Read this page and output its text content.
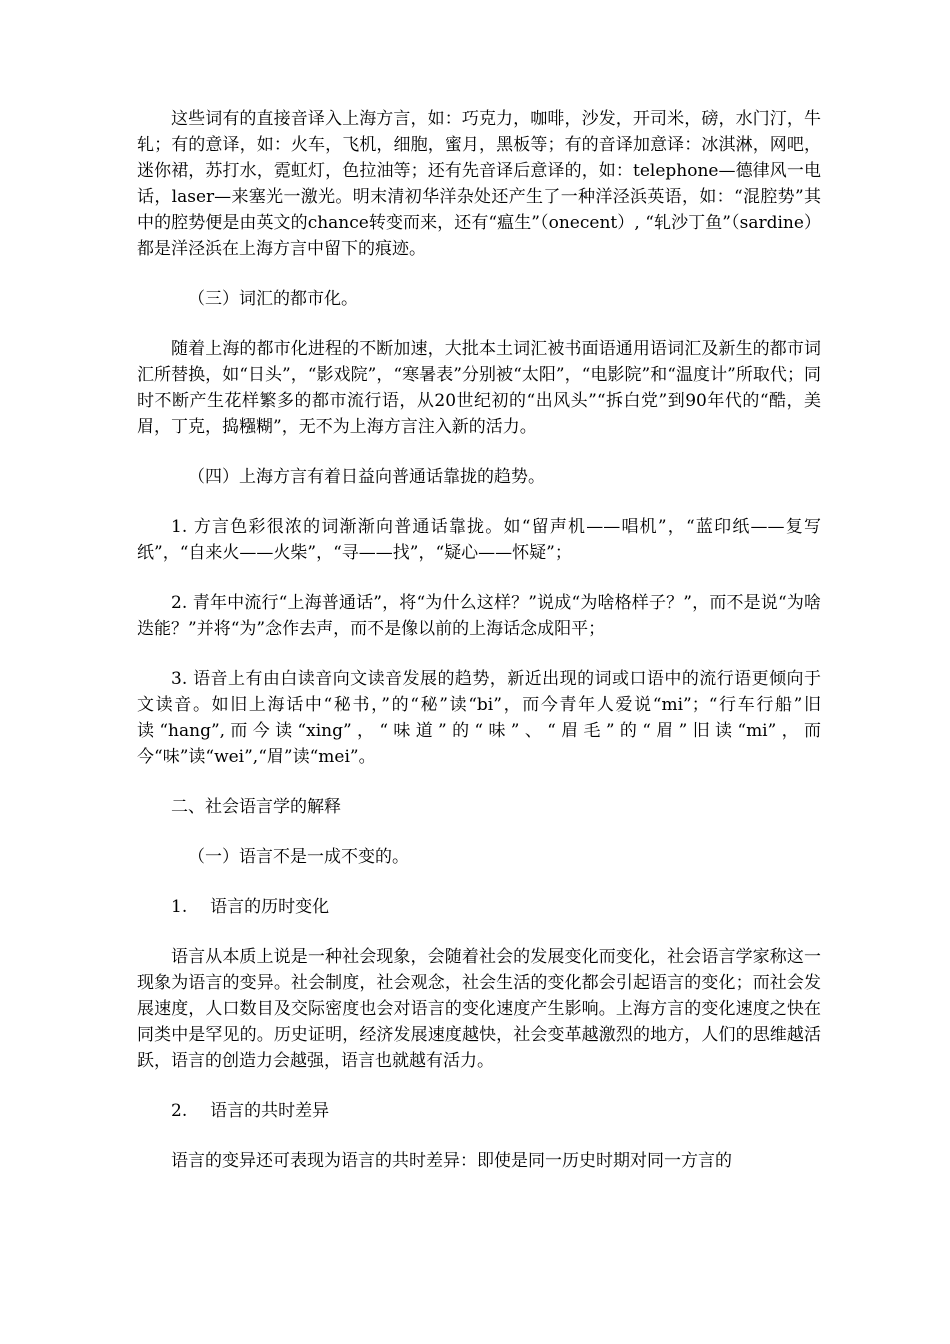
这些词有的直接音译入上海方言，如：巧克力，咖啡，沙发，开司米，磅，水门汀，牛轧；有的意译，如：火车，飞机，细胞，蜜月，黑板等；有的音译加意译：冰淇淋，网吧，迷你裙，苏打水，霓虹灯，色拉油等；还有先音译后意译的，如：telephone—德律风一电话，laser—来塞光一激光。明末清初华洋杂处还产生了一种洋泾浜英语，如：“混腔势”其中的腔势便是由英文的chance转变而来，还有“瘟生”（onecent）, “轧沙丁鱼”（sardine）都是洋泾浜在上海方言中留下的痕迹。

（三）词汇的都市化。

随着上海的都市化进程的不断加速，大批本土词汇被书面语通用语词汇及新生的都市词汇所替换，如“日头”，“影戏院”，“寒暑表”分别被“太阳”，“电影院”和“温度计”所取代；同时不断产生花样繁多的都市流行语，从20世纪初的“出风头”“拆白党”到90年代的“酷，美眉，丁克，捣糨糊”，无不为上海方言注入新的活力。

（四）上海方言有着日益向普通话靠拢的趋势。

1. 方言色彩很浓的词渐渐向普通话靠拢。如“留声机——唱机”，“蓝印纸——复写纸”，“自来火——火柴”，“寻——找”，“疑心——怀疑”；

2. 青年中流行“上海普通话”，将“为什么这样？”说成“为啥格样子？”，而不是说“为啥迭能？”并将“为”念作去声，而不是像以前的上海话念成阳平；

3. 语音上有由白读音向文读音发展的趋势，新近出现的词或口语中的流行语更倾向于文读音。如旧上海话中“秘书，”的“秘”读“bi”，而今青年人爱说“mi”；“行车行船”旧读“hang”,而今读“xing”，“味道”的“味”、“眉毛”的“眉”旧读“mi”，而今“味”读“wei”,“眉”读“mei”。

二、社会语言学的解释

（一）语言不是一成不变的。

1. 语言的历时变化

语言从本质上说是一种社会现象，会随着社会的发展变化而变化，社会语言学家称这一现象为语言的变异。社会制度，社会观念，社会生活的变化都会引起语言的变化；而社会发展速度，人口数目及交际密度也会对语言的变化速度产生影响。上海方言的变化速度之快在同类中是罕见的。历史证明，经济发展速度越快，社会变革越激烈的地方，人们的思维越活跃，语言的创造力会越强，语言也就越有活力。

2. 语言的共时差异

语言的变异还可表现为语言的共时差异：即使是同一历史时期对同一方言的
